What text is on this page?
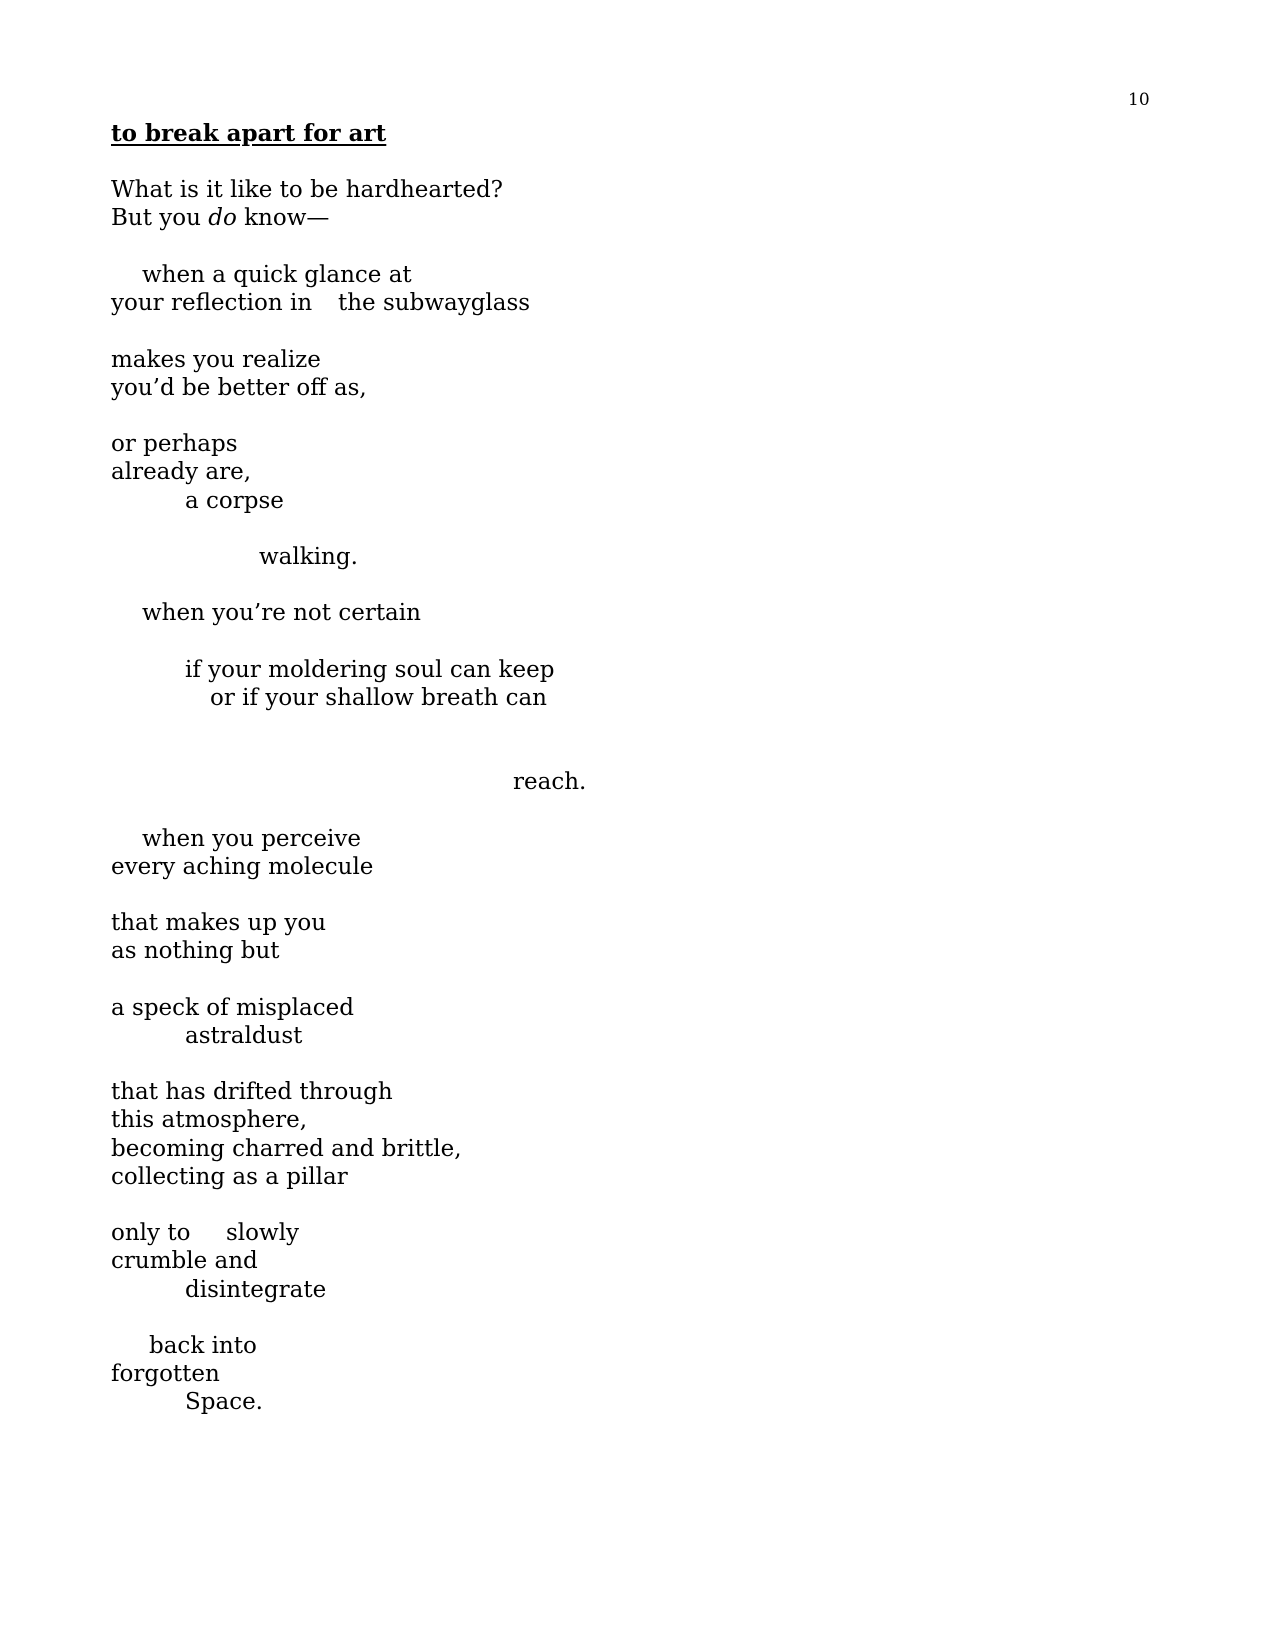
10
to break apart for art
What is it like to be hardhearted?
But you do know—
when a quick glance at
your reflection in the subwayglass
makes you realize
you’d be better off as,
or perhaps
already are,
a corpse
walking.
when you’re not certain
if your moldering soul can keep
or if your shallow breath can
reach.
when you perceive
every aching molecule
that makes up you
as nothing but
a speck of misplaced
astraldust
that has drifted through
this atmosphere,
becoming charred and brittle,
collecting as a pillar
only to slowly
crumble and
disintegrate
back into
forgotten
Space.
